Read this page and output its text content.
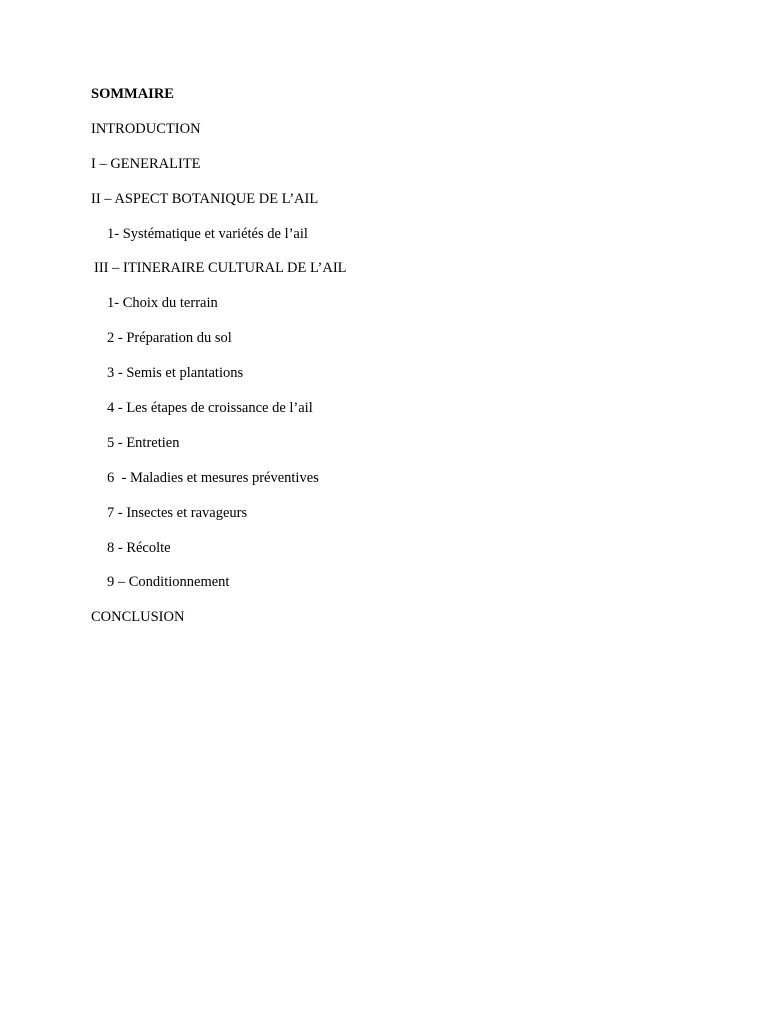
SOMMAIRE
INTRODUCTION
I – GENERALITE
II – ASPECT BOTANIQUE DE L’AIL
1- Systématique et variétés de l’ail
III – ITINERAIRE CULTURAL DE L’AIL
1- Choix du terrain
2 - Préparation du sol
3 - Semis et plantations
4 - Les étapes de croissance de l’ail
5 - Entretien
6  - Maladies et mesures préventives
7 - Insectes et ravageurs
8 - Récolte
9 – Conditionnement
CONCLUSION
